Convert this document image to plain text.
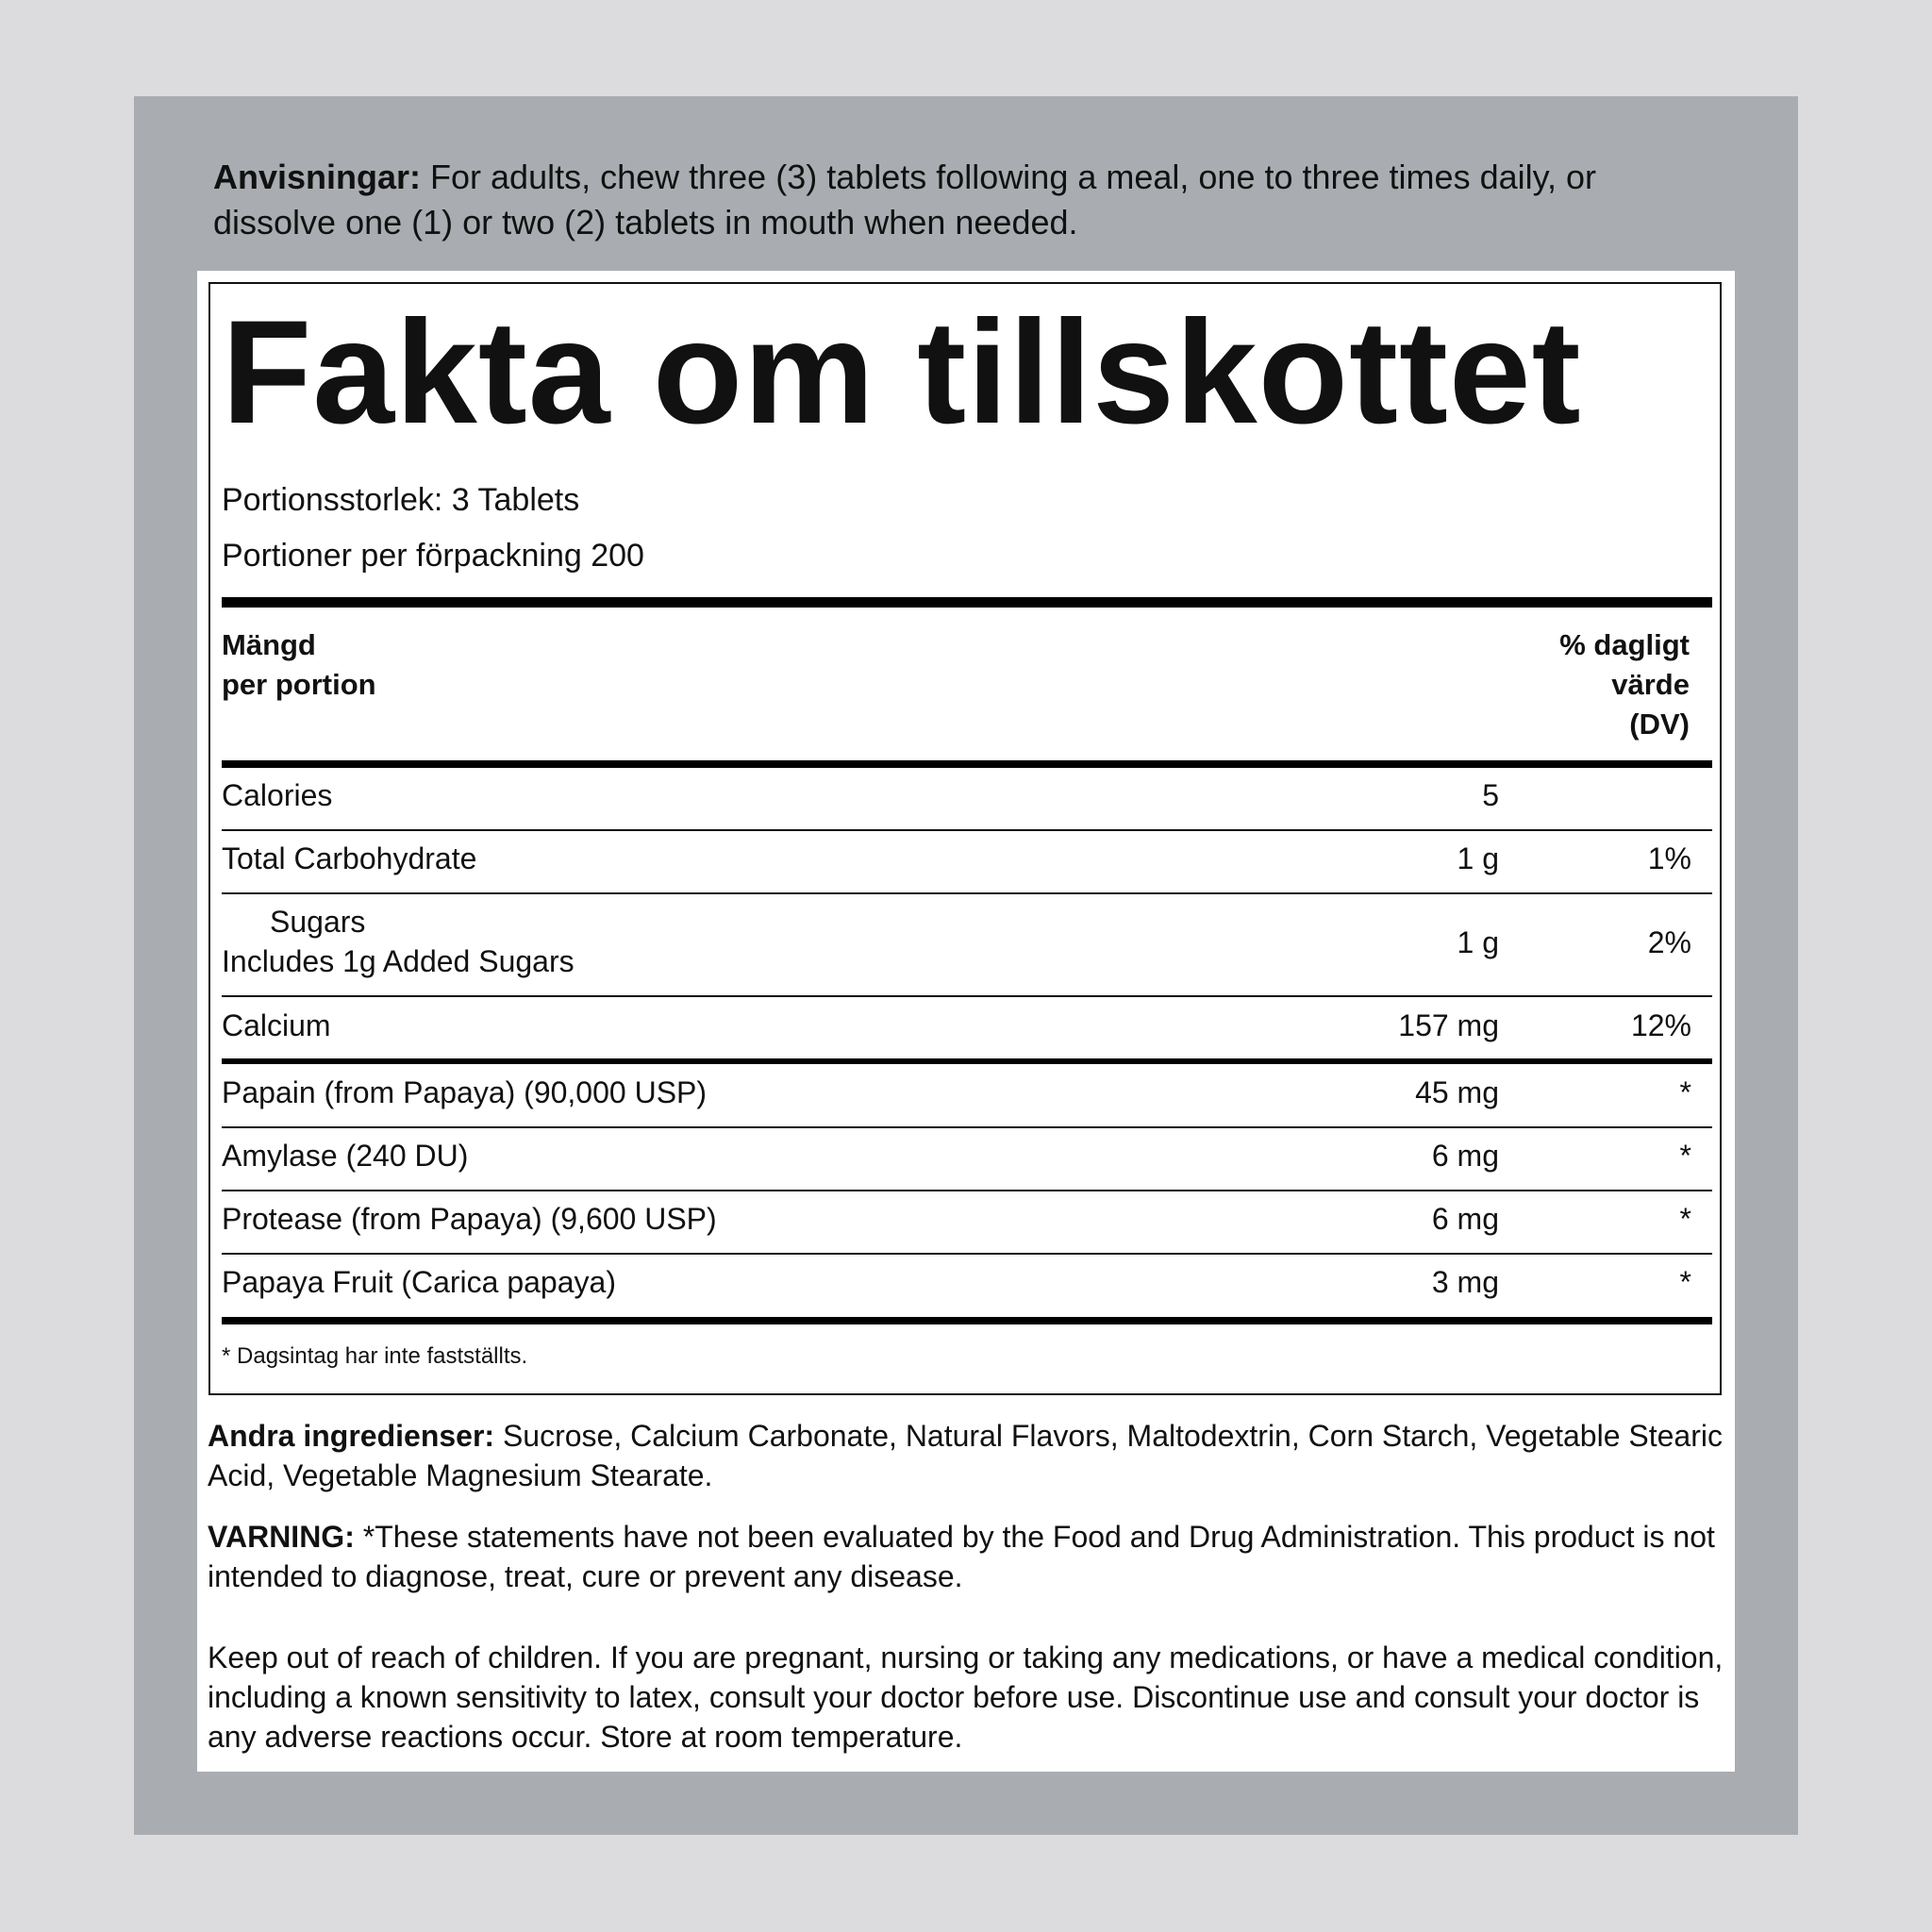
Anvisningar: For adults, chew three (3) tablets following a meal, one to three times daily, or dissolve one (1) or two (2) tablets in mouth when needed.
Fakta om tillskottet
Portionsstorlek: 3 Tablets
Portioner per förpackning 200
Mängd
per portion
% dagligt
värde
(DV)
Calories	5
Total Carbohydrate	1 g	1%
Sugars
Includes 1g Added Sugars
1 g	2%
Calcium	157 mg	12%
Papain (from Papaya) (90,000 USP)	45 mg	*
Amylase (240 DU)	6 mg	*
Protease (from Papaya) (9,600 USP)	6 mg	*
Papaya Fruit (Carica papaya)	3 mg	*
* Dagsintag har inte fastställts.
Andra ingredienser: Sucrose, Calcium Carbonate, Natural Flavors, Maltodextrin, Corn Starch, Vegetable Stearic Acid, Vegetable Magnesium Stearate.
VARNING: *These statements have not been evaluated by the Food and Drug Administration. This product is not intended to diagnose, treat, cure or prevent any disease.
Keep out of reach of children. If you are pregnant, nursing or taking any medications, or have a medical condition, including a known sensitivity to latex, consult your doctor before use. Discontinue use and consult your doctor is any adverse reactions occur. Store at room temperature.
